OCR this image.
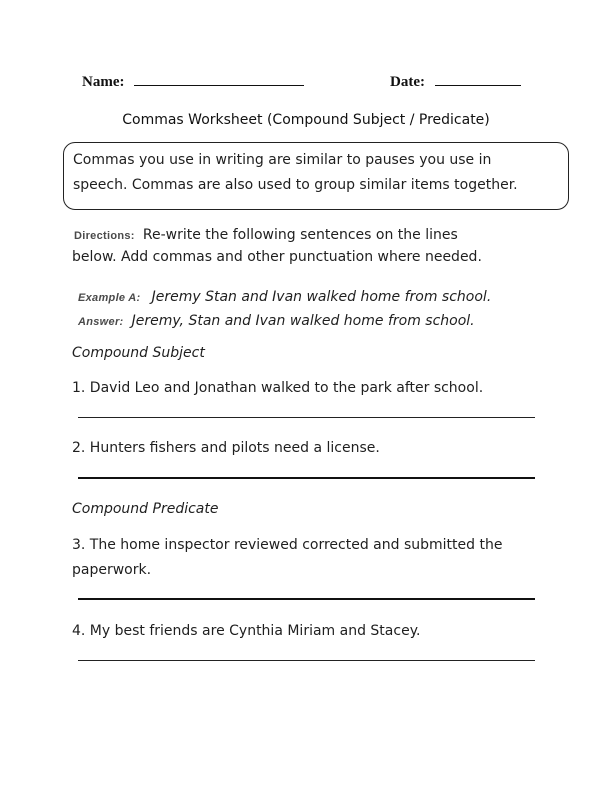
Name:	Date:
Commas Worksheet (Compound Subject / Predicate)
Commas you use in writing are similar to pauses you use in
speech. Commas are also used to group similar items together.
Directions: Re-write the following sentences on the lines
below. Add commas and other punctuation where needed.
Example A: Jeremy Stan and Ivan walked home from school.
Answer: Jeremy, Stan and Ivan walked home from school.
Compound Subject
1. David Leo and Jonathan walked to the park after school.
2. Hunters fishers and pilots need a license.
Compound Predicate
3. The home inspector reviewed corrected and submitted the
paperwork.
4. My best friends are Cynthia Miriam and Stacey.
